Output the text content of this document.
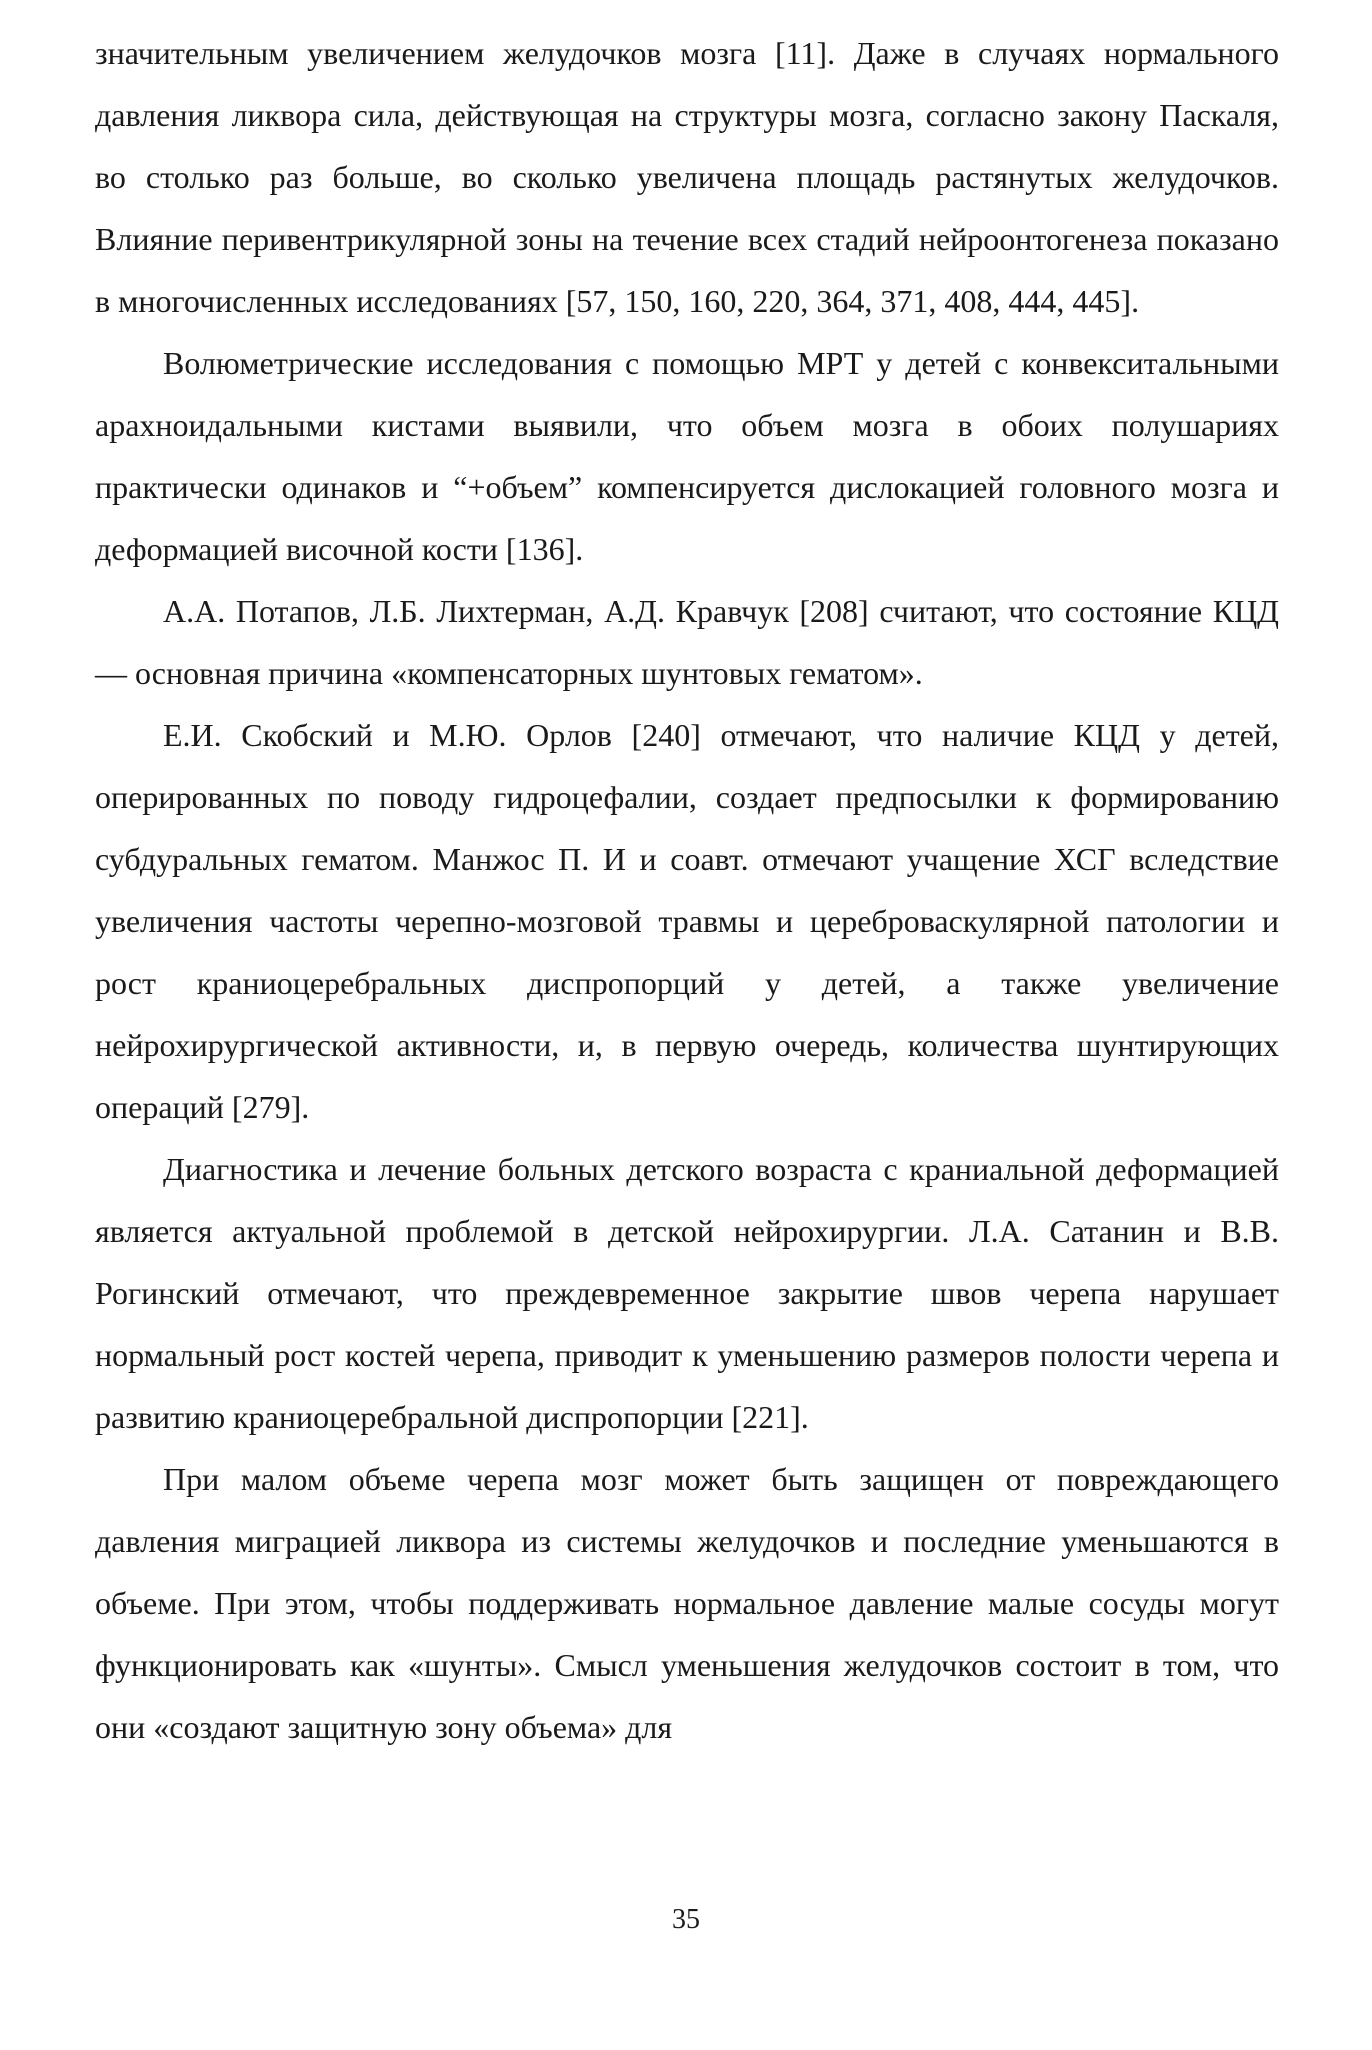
значительным увеличением желудочков мозга [11]. Даже в случаях нормального давления ликвора сила, действующая на структуры мозга, согласно закону Паскаля, во столько раз больше, во сколько увеличена площадь растянутых желудочков. Влияние перивентрикулярной зоны на течение всех стадий нейроонтогенеза показано в многочисленных исследованиях [57, 150, 160, 220, 364, 371, 408, 444, 445].

Волюметрические исследования с помощью МРТ у детей с конвекситальными арахноидальными кистами выявили, что объем мозга в обоих полушариях практически одинаков и “+объем” компенсируется дислокацией головного мозга и деформацией височной кости [136].

А.А. Потапов, Л.Б. Лихтерман, А.Д. Кравчук [208] считают, что состояние КЦД — основная причина «компенсаторных шунтовых гематом».

Е.И. Скобский и М.Ю. Орлов [240] отмечают, что наличие КЦД у детей, оперированных по поводу гидроцефалии, создает предпосылки к формированию субдуральных гематом. Манжос П. И и соавт. отмечают учащение ХСГ вследствие увеличения частоты черепно-мозговой травмы и цереброваскулярной патологии и рост краниоцеребральных диспропорций у детей, а также увеличение нейрохирургической активности, и, в первую очередь, количества шунтирующих операций [279].

Диагностика и лечение больных детского возраста с краниальной деформацией является актуальной проблемой в детской нейрохирургии. Л.А. Сатанин и В.В. Рогинский отмечают, что преждевременное закрытие швов черепа нарушает нормальный рост костей черепа, приводит к уменьшению размеров полости черепа и развитию краниоцеребральной диспропорции [221].

При малом объеме черепа мозг может быть защищен от повреждающего давления миграцией ликвора из системы желудочков и последние уменьшаются в объеме. При этом, чтобы поддерживать нормальное давление малые сосуды могут функционировать как «шунты». Смысл уменьшения желудочков состоит в том, что они «создают защитную зону объема» для

35
